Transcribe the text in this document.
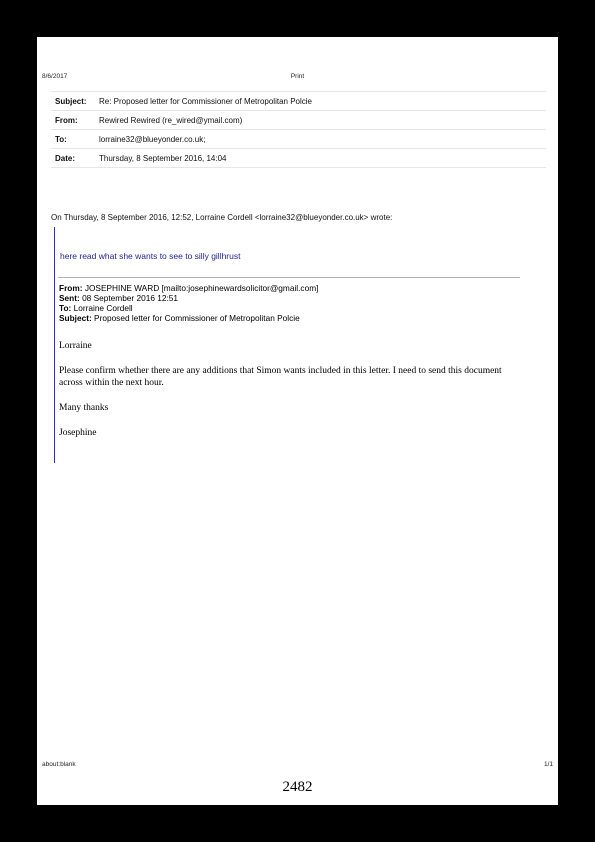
8/6/2017	Print
Subject:	Re: Proposed letter for Commissioner of Metropolitan Polcie
From:	Rewired Rewired (re_wired@ymail.com)
To:	lorraine32@blueyonder.co.uk;
Date:	Thursday, 8 September 2016, 14:04
On Thursday, 8 September 2016, 12:52, Lorraine Cordell <lorraine32@blueyonder.co.uk> wrote:
here read what she wants to see to silly gillhrust
From: JOSEPHINE WARD [mailto:josephinewardsolicitor@gmail.com]
Sent: 08 September 2016 12:51
To: Lorraine Cordell
Subject: Proposed letter for Commissioner of Metropolitan Polcie

Lorraine

Please confirm whether there are any additions that Simon wants included in this letter. I need to send this document across within the next hour.

Many thanks

Josephine

about:blank	1/1
2482
